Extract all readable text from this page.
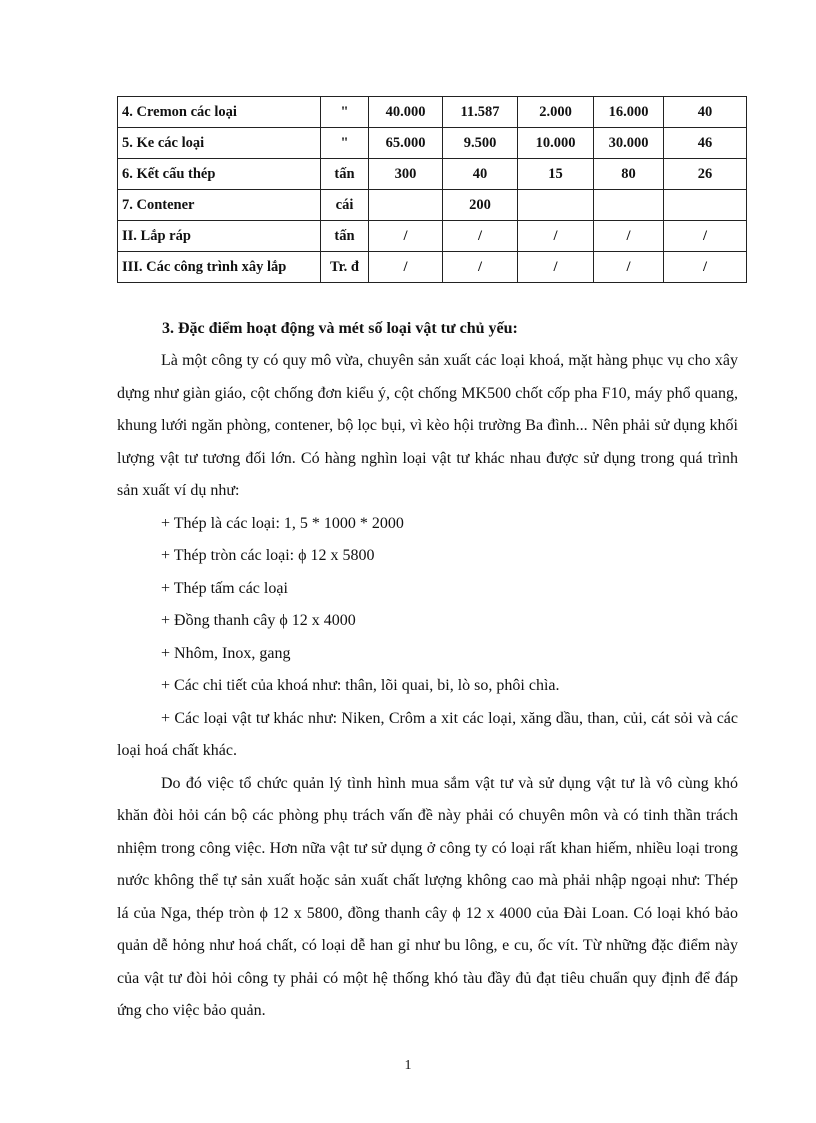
4. Cremon các loại	"	40.000	11.587	2.000	16.000	40
5. Ke các loại	"	65.000	9.500	10.000	30.000	46
6. Kết cấu thép	tấn	300	40	15	80	26
7. Contener	cái		200			
II. Lắp ráp	tấn	/	/	/	/	/
III. Các công trình xây lắp	Tr. đ	/	/	/	/	/
3. Đặc điểm hoạt động và mét số loại vật tư chủ yếu:

Là một công ty có quy mô vừa, chuyên sản xuất các loại khoá, mặt hàng phục vụ cho xây dựng như giàn giáo, cột chống đơn kiểu ý, cột chống MK500 chốt cốp pha F10, máy phổ quang, khung lưới ngăn phòng, contener, bộ lọc bụi, vì kèo hội trường Ba đình... Nên phải sử dụng khối lượng vật tư tương đối lớn. Có hàng nghìn loại vật tư khác nhau được sử dụng trong quá trình sản xuất ví dụ như:

+ Thép là các loại: 1, 5 * 1000 * 2000

+ Thép tròn các loại: ϕ 12 x 5800

+ Thép tấm các loại

+ Đồng thanh cây ϕ 12 x 4000

+ Nhôm, Inox, gang

+ Các chi tiết của khoá như: thân, lõi quai, bi, lò so, phôi chìa.

+ Các loại vật tư khác như: Niken, Crôm a xit các loại, xăng dầu, than, củi, cát sỏi và các loại hoá chất khác.

Do đó việc tổ chức quản lý tình hình mua sắm vật tư và sử dụng vật tư là vô cùng khó khăn đòi hỏi cán bộ các phòng phụ trách vấn đề này phải có chuyên môn và có tinh thần trách nhiệm trong công việc. Hơn nữa vật tư sử dụng ở công ty có loại rất khan hiếm, nhiều loại trong nước không thể tự sản xuất hoặc sản xuất chất lượng không cao mà phải nhập ngoại như: Thép lá của Nga, thép tròn ϕ 12 x 5800, đồng thanh cây ϕ 12 x 4000 của Đài Loan. Có loại khó bảo quản dễ hỏng như hoá chất, có loại dễ han gỉ như bu lông, e cu, ốc vít. Từ những đặc điểm này của vật tư đòi hỏi công ty phải có một hệ thống khó tàu đầy đủ đạt tiêu chuẩn quy định để đáp ứng cho việc bảo quản.

1
